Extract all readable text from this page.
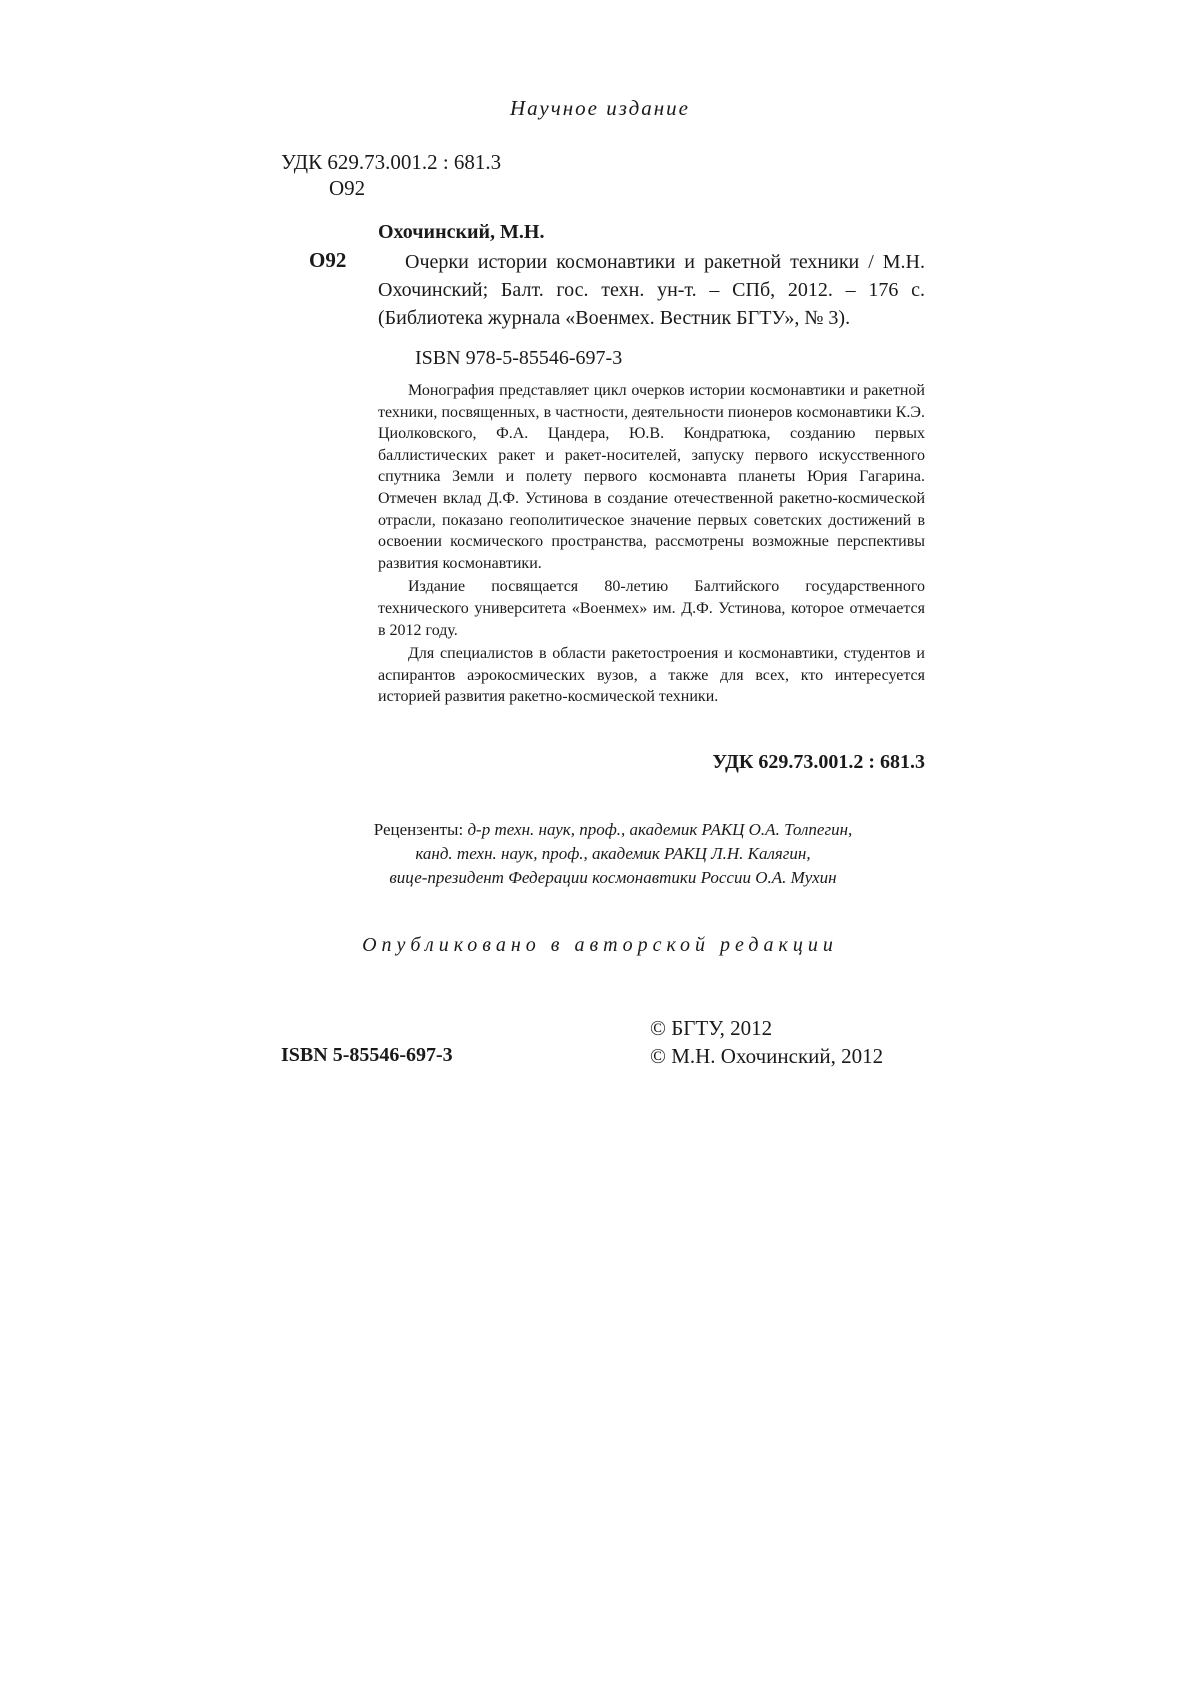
Научное издание
УДК 629.73.001.2 : 681.3
О92
Охочинский, М.Н.
О92	Очерки истории космонавтики и ракетной техники / М.Н. Охочинский; Балт. гос. техн. ун-т. – СПб, 2012. – 176 с. (Библиотека журнала «Военмех. Вестник БГТУ», № 3).
ISBN 978-5-85546-697-3

Монография представляет цикл очерков истории космонавтики и ракетной техники, посвященных, в частности, деятельности пионеров космонавтики К.Э. Циолковского, Ф.А. Цандера, Ю.В. Кондратюка, созданию первых баллистических ракет и ракет-носителей, запуску первого искусственного спутника Земли и полету первого космонавта планеты Юрия Гагарина. Отмечен вклад Д.Ф. Устинова в создание отечественной ракетно-космической отрасли, показано геополитическое значение первых советских достижений в освоении космического пространства, рассмотрены возможные перспективы развития космонавтики.

Издание посвящается 80-летию Балтийского государственного технического университета «Военмех» им. Д.Ф. Устинова, которое отмечается в 2012 году.

Для специалистов в области ракетостроения и космонавтики, студентов и аспирантов аэрокосмических вузов, а также для всех, кто интересуется историей развития ракетно-космической техники.

УДК 629.73.001.2 : 681.3
Рецензенты: д-р техн. наук, проф., академик РАКЦ О.А. Толпегин,
канд. техн. наук, проф., академик РАКЦ Л.Н. Калягин,
вице-президент Федерации космонавтики России О.А. Мухин
Опубликовано в авторской редакции
© БГТУ, 2012
ISBN 5-85546-697-3	© М.Н. Охочинский, 2012
